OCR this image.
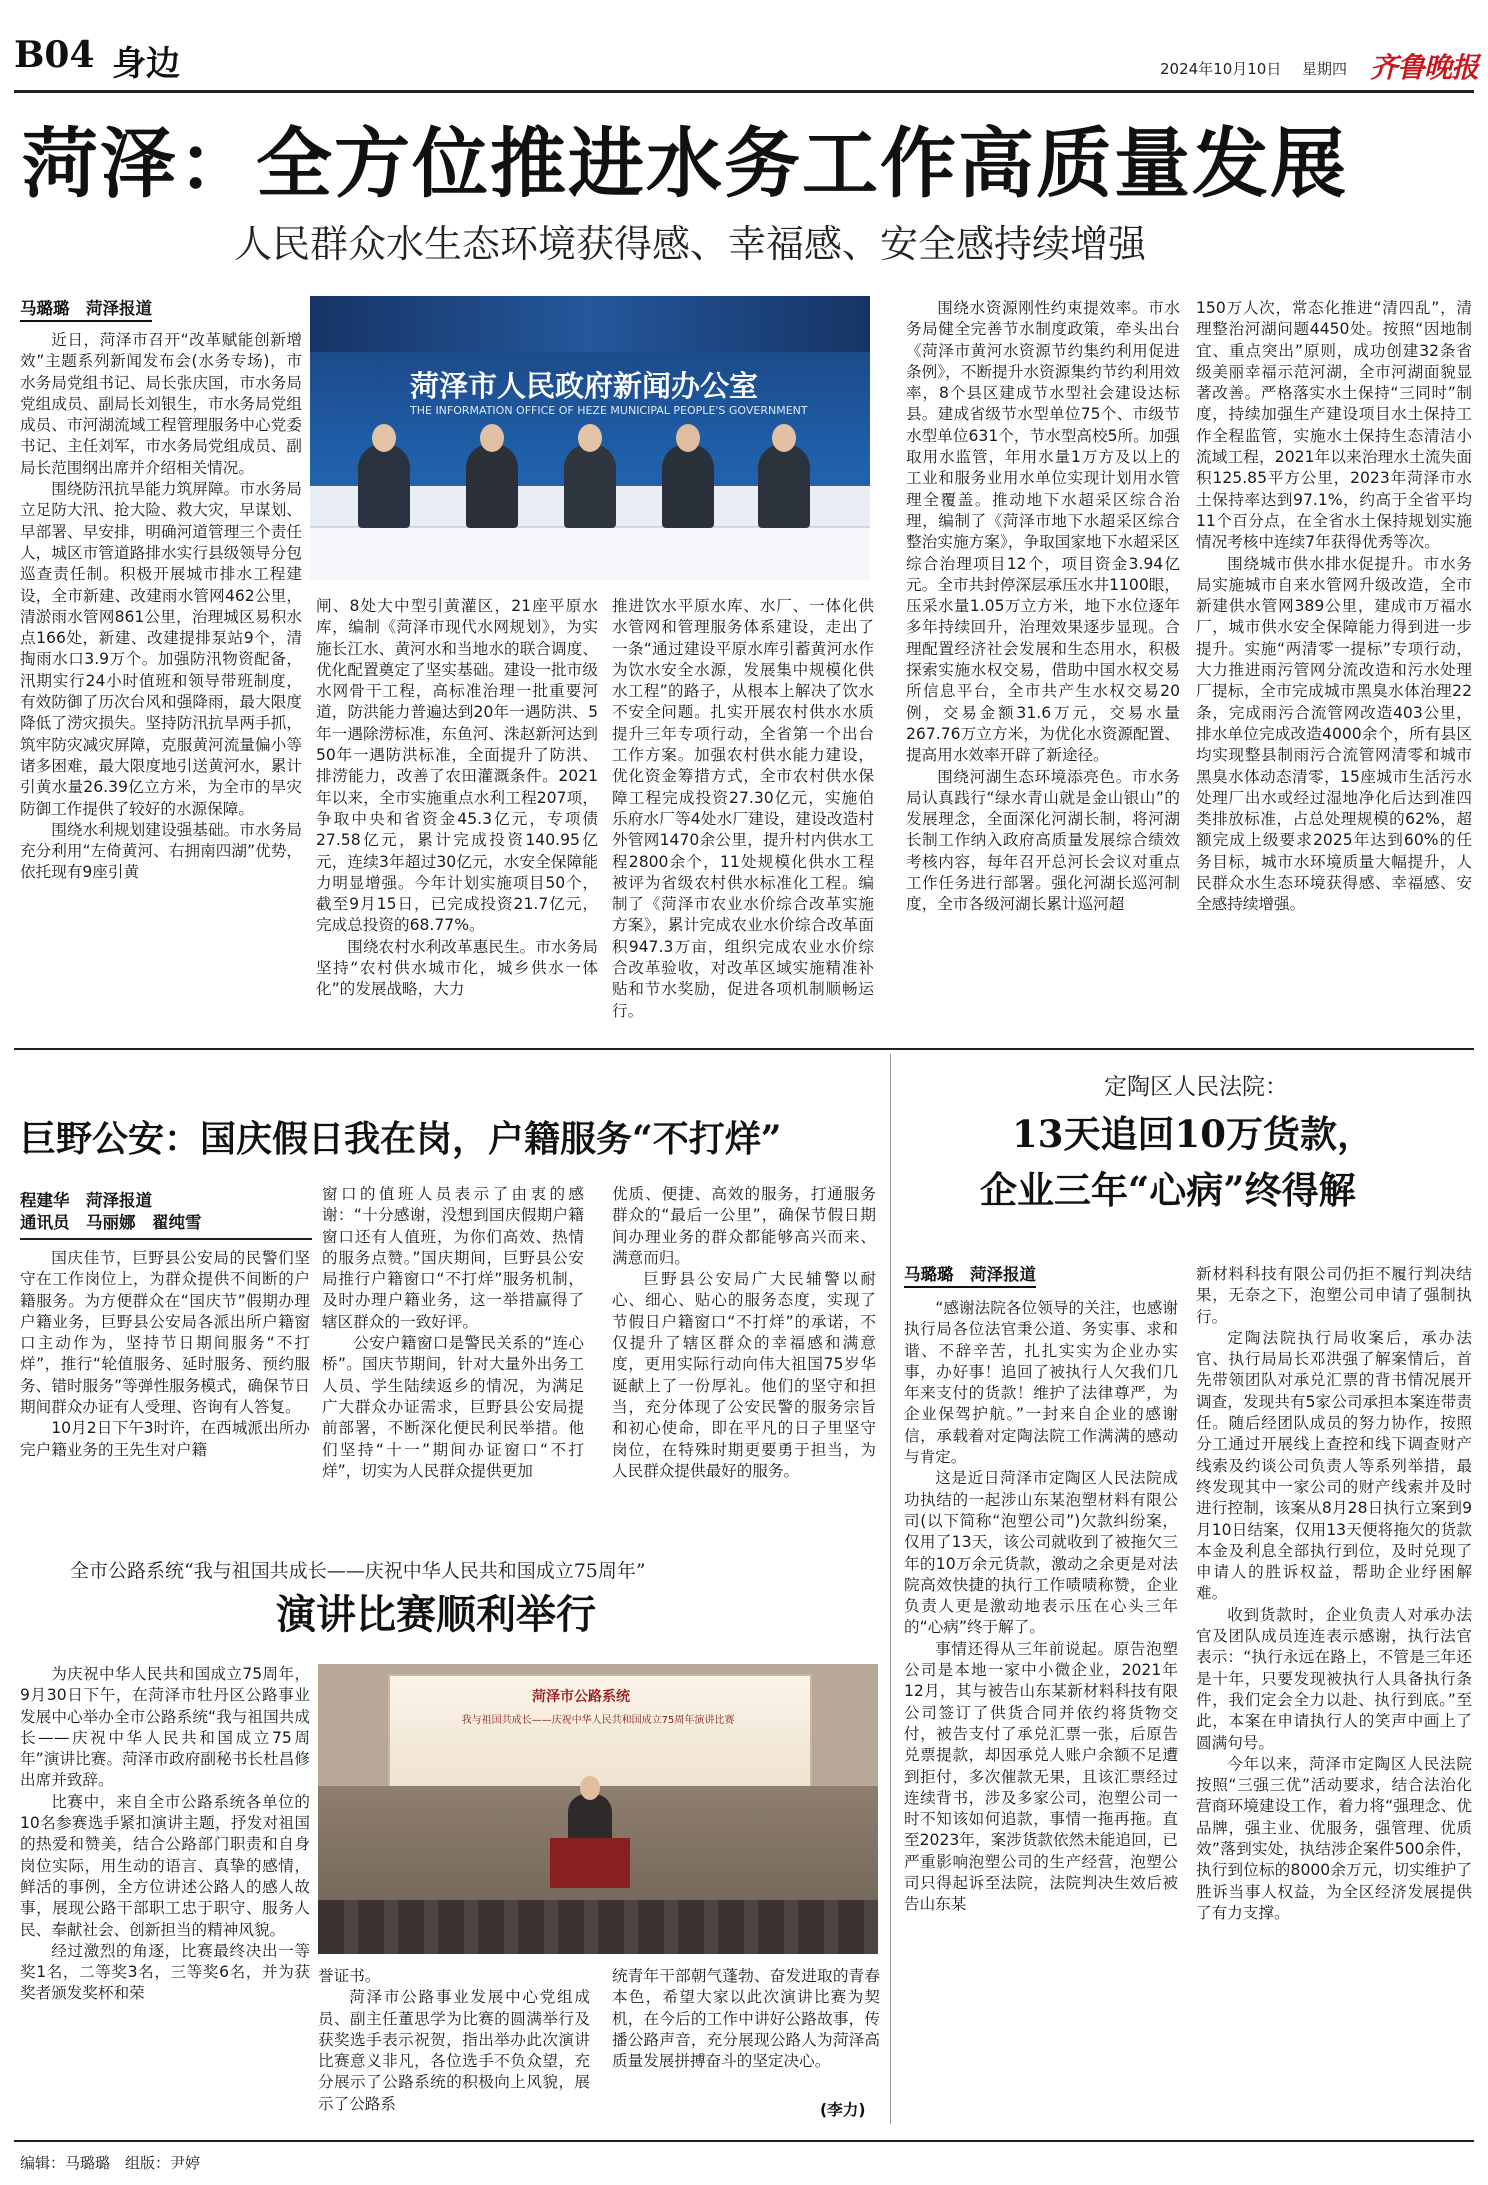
B04 身边	2024年10月10日 星期四 齐鲁晚报
菏泽：全方位推进水务工作高质量发展
人民群众水生态环境获得感、幸福感、安全感持续增强
马璐璐　菏泽报道
菏泽市人民政府新闻办公室
THE INFORMATION OFFICE OF HEZE MUNICIPAL PEOPLE'S GOVERNMENT

近日，菏泽市召开“改革赋能创新增效”主题系列新闻发布会(水务专场)，市水务局党组书记、局长张庆国，市水务局党组成员、副局长刘银生，市水务局党组成员、市河湖流域工程管理服务中心党委书记、主任刘军，市水务局党组成员、副局长范围纲出席并介绍相关情况。

围绕防汛抗旱能力筑屏障。市水务局立足防大汛、抢大险、救大灾，早谋划、早部署、早安排，明确河道管理三个责任人，城区市管道路排水实行县级领导分包巡查责任制。积极开展城市排水工程建设，全市新建、改建雨水管网462公里，清淤雨水管网861公里，治理城区易积水点166处，新建、改建提排泵站9个，清掏雨水口3.9万个。加强防汛物资配备，汛期实行24小时值班和领导带班制度，有效防御了历次台风和强降雨，最大限度降低了涝灾损失。坚持防汛抗旱两手抓，筑牢防灾减灾屏障，克服黄河流量偏小等诸多困难，最大限度地引送黄河水，累计引黄水量26.39亿立方米，为全市的旱灾防御工作提供了较好的水源保障。

围绕水利规划建设强基础。市水务局充分利用“左倚黄河、右拥南四湖”优势，依托现有9座引黄

闸、8处大中型引黄灌区，21座平原水库，编制《菏泽市现代水网规划》，为实施长江水、黄河水和当地水的联合调度、优化配置奠定了坚实基础。建设一批市级水网骨干工程，高标准治理一批重要河道，防洪能力普遍达到20年一遇防洪、5年一遇除涝标准，东鱼河、洙赵新河达到50年一遇防洪标准，全面提升了防洪、排涝能力，改善了农田灌溉条件。2021年以来，全市实施重点水利工程207项，争取中央和省资金45.3亿元，专项债27.58亿元，累计完成投资140.95亿元，连续3年超过30亿元，水安全保障能力明显增强。今年计划实施项目50个，截至9月15日，已完成投资21.7亿元，完成总投资的68.77%。

围绕农村水利改革惠民生。市水务局坚持“农村供水城市化，城乡供水一体化”的发展战略，大力

推进饮水平原水库、水厂、一体化供水管网和管理服务体系建设，走出了一条“通过建设平原水库引蓄黄河水作为饮水安全水源，发展集中规模化供水工程”的路子，从根本上解决了饮水不安全问题。扎实开展农村供水水质提升三年专项行动，全省第一个出台工作方案。加强农村供水能力建设，优化资金筹措方式，全市农村供水保障工程完成投资27.30亿元，实施伯乐府水厂等4处水厂建设，建设改造村外管网1470余公里，提升村内供水工程2800余个，11处规模化供水工程被评为省级农村供水标准化工程。编制了《菏泽市农业水价综合改革实施方案》，累计完成农业水价综合改革面积947.3万亩，组织完成农业水价综合改革验收，对改革区域实施精准补贴和节水奖励，促进各项机制顺畅运行。

围绕水资源刚性约束提效率。市水务局健全完善节水制度政策，牵头出台《菏泽市黄河水资源节约集约利用促进条例》，不断提升水资源集约节约利用效率，8个县区建成节水型社会建设达标县。建成省级节水型单位75个、市级节水型单位631个，节水型高校5所。加强取用水监管，年用水量1万方及以上的工业和服务业用水单位实现计划用水管理全覆盖。推动地下水超采区综合治理，编制了《菏泽市地下水超采区综合整治实施方案》，争取国家地下水超采区综合治理项目12个，项目资金3.94亿元。全市共封停深层承压水井1100眼，压采水量1.05万立方米，地下水位逐年多年持续回升，治理效果逐步显现。合理配置经济社会发展和生态用水，积极探索实施水权交易，借助中国水权交易所信息平台，全市共产生水权交易20例，交易金额31.6万元，交易水量267.76万立方米，为优化水资源配置、提高用水效率开辟了新途径。

围绕河湖生态环境添亮色。市水务局认真践行“绿水青山就是金山银山”的发展理念，全面深化河湖长制，将河湖长制工作纳入政府高质量发展综合绩效考核内容，每年召开总河长会议对重点工作任务进行部署。强化河湖长巡河制度，全市各级河湖长累计巡河超

150万人次，常态化推进“清四乱”，清理整治河湖问题4450处。按照“因地制宜、重点突出”原则，成功创建32条省级美丽幸福示范河湖，全市河湖面貌显著改善。严格落实水土保持“三同时”制度，持续加强生产建设项目水土保持工作全程监管，实施水土保持生态清洁小流域工程，2021年以来治理水土流失面积125.85平方公里，2023年菏泽市水土保持率达到97.1%，约高于全省平均11个百分点，在全省水土保持规划实施情况考核中连续7年获得优秀等次。

围绕城市供水排水促提升。市水务局实施城市自来水管网升级改造，全市新建供水管网389公里，建成市万福水厂，城市供水安全保障能力得到进一步提升。实施“两清零一提标”专项行动，大力推进雨污管网分流改造和污水处理厂提标，全市完成城市黑臭水体治理22条，完成雨污合流管网改造403公里，排水单位完成改造4000余个，所有县区均实现整县制雨污合流管网清零和城市黑臭水体动态清零，15座城市生活污水处理厂出水或经过湿地净化后达到准四类排放标准，占总处理规模的62%，超额完成上级要求2025年达到60%的任务目标，城市水环境质量大幅提升，人民群众水生态环境获得感、幸福感、安全感持续增强。

巨野公安：国庆假日我在岗，户籍服务“不打烊”
程建华　菏泽报道
通讯员　马丽娜　翟纯雪

国庆佳节，巨野县公安局的民警们坚守在工作岗位上，为群众提供不间断的户籍服务。为方便群众在“国庆节”假期办理户籍业务，巨野县公安局各派出所户籍窗口主动作为，坚持节日期间服务“不打烊”，推行“轮值服务、延时服务、预约服务、错时服务”等弹性服务模式，确保节日期间群众办证有人受理、咨询有人答复。

10月2日下午3时许，在西城派出所办完户籍业务的王先生对户籍

窗口的值班人员表示了由衷的感谢：“十分感谢，没想到国庆假期户籍窗口还有人值班，为你们高效、热情的服务点赞。”国庆期间，巨野县公安局推行户籍窗口“不打烊”服务机制，及时办理户籍业务，这一举措赢得了辖区群众的一致好评。

公安户籍窗口是警民关系的“连心桥”。国庆节期间，针对大量外出务工人员、学生陆续返乡的情况，为满足广大群众办证需求，巨野县公安局提前部署，不断深化便民利民举措。他们坚持“十一”期间办证窗口“不打烊”，切实为人民群众提供更加

优质、便捷、高效的服务，打通服务群众的“最后一公里”，确保节假日期间办理业务的群众都能够高兴而来、满意而归。

巨野县公安局广大民辅警以耐心、细心、贴心的服务态度，实现了节假日户籍窗口“不打烊”的承诺，不仅提升了辖区群众的幸福感和满意度，更用实际行动向伟大祖国75岁华诞献上了一份厚礼。他们的坚守和担当，充分体现了公安民警的服务宗旨和初心使命，即在平凡的日子里坚守岗位，在特殊时期更要勇于担当，为人民群众提供最好的服务。

全市公路系统“我与祖国共成长——庆祝中华人民共和国成立75周年”
演讲比赛顺利举行
菏泽市公路系统
我与祖国共成长——庆祝中华人民共和国成立75周年演讲比赛

为庆祝中华人民共和国成立75周年，9月30日下午，在菏泽市牡丹区公路事业发展中心举办全市公路系统“我与祖国共成长——庆祝中华人民共和国成立75周年”演讲比赛。菏泽市政府副秘书长杜昌修出席并致辞。

比赛中，来自全市公路系统各单位的10名参赛选手紧扣演讲主题，抒发对祖国的热爱和赞美，结合公路部门职责和自身岗位实际，用生动的语言、真挚的感情，鲜活的事例，全方位讲述公路人的感人故事，展现公路干部职工忠于职守、服务人民、奉献社会、创新担当的精神风貌。

经过激烈的角逐，比赛最终决出一等奖1名，二等奖3名，三等奖6名，并为获奖者颁发奖杯和荣

誉证书。

菏泽市公路事业发展中心党组成员、副主任董思学为比赛的圆满举行及获奖选手表示祝贺，指出举办此次演讲比赛意义非凡，各位选手不负众望，充分展示了公路系统的积极向上风貌，展示了公路系

统青年干部朝气蓬勃、奋发进取的青春本色，希望大家以此次演讲比赛为契机，在今后的工作中讲好公路故事，传播公路声音，充分展现公路人为菏泽高质量发展拼搏奋斗的坚定决心。

(李力)
定陶区人民法院：
13天追回10万货款，
企业三年“心病”终得解
马璐璐　菏泽报道

“感谢法院各位领导的关注，也感谢执行局各位法官秉公道、务实事、求和谐、不辞辛苦，扎扎实实为企业办实事，办好事！追回了被执行人欠我们几年来支付的货款！维护了法律尊严，为企业保驾护航。”一封来自企业的感谢信，承载着对定陶法院工作满满的感动与肯定。

这是近日菏泽市定陶区人民法院成功执结的一起涉山东某泡塑材料有限公司(以下简称“泡塑公司”)欠款纠纷案，仅用了13天，该公司就收到了被拖欠三年的10万余元货款，激动之余更是对法院高效快捷的执行工作啧啧称赞，企业负责人更是激动地表示压在心头三年的“心病”终于解了。

事情还得从三年前说起。原告泡塑公司是本地一家中小微企业，2021年12月，其与被告山东某新材料科技有限公司签订了供货合同并依约将货物交付，被告支付了承兑汇票一张，后原告兑票提款，却因承兑人账户余额不足遭到拒付，多次催款无果，且该汇票经过连续背书，涉及多家公司，泡塑公司一时不知该如何追款，事情一拖再拖。直至2023年，案涉货款依然未能追回，已严重影响泡塑公司的生产经营，泡塑公司只得起诉至法院，法院判决生效后被告山东某

新材料科技有限公司仍拒不履行判决结果，无奈之下，泡塑公司申请了强制执行。

定陶法院执行局收案后，承办法官、执行局局长邓洪强了解案情后，首先带领团队对承兑汇票的背书情况展开调查，发现共有5家公司承担本案连带责任。随后经团队成员的努力协作，按照分工通过开展线上查控和线下调查财产线索及约谈公司负责人等系列举措，最终发现其中一家公司的财产线索并及时进行控制，该案从8月28日执行立案到9月10日结案，仅用13天便将拖欠的货款本金及利息全部执行到位，及时兑现了申请人的胜诉权益，帮助企业纾困解难。

收到货款时，企业负责人对承办法官及团队成员连连表示感谢，执行法官表示：“执行永远在路上，不管是三年还是十年，只要发现被执行人具备执行条件，我们定会全力以赴、执行到底。”至此，本案在申请执行人的笑声中画上了圆满句号。

今年以来，菏泽市定陶区人民法院按照“三强三优”活动要求，结合法治化营商环境建设工作，着力将“强理念、优品牌，强主业、优服务，强管理、优质效”落到实处，执结涉企案件500余件，执行到位标的8000余万元，切实维护了胜诉当事人权益，为全区经济发展提供了有力支撑。

编辑：马璐璐　组版：尹婷
